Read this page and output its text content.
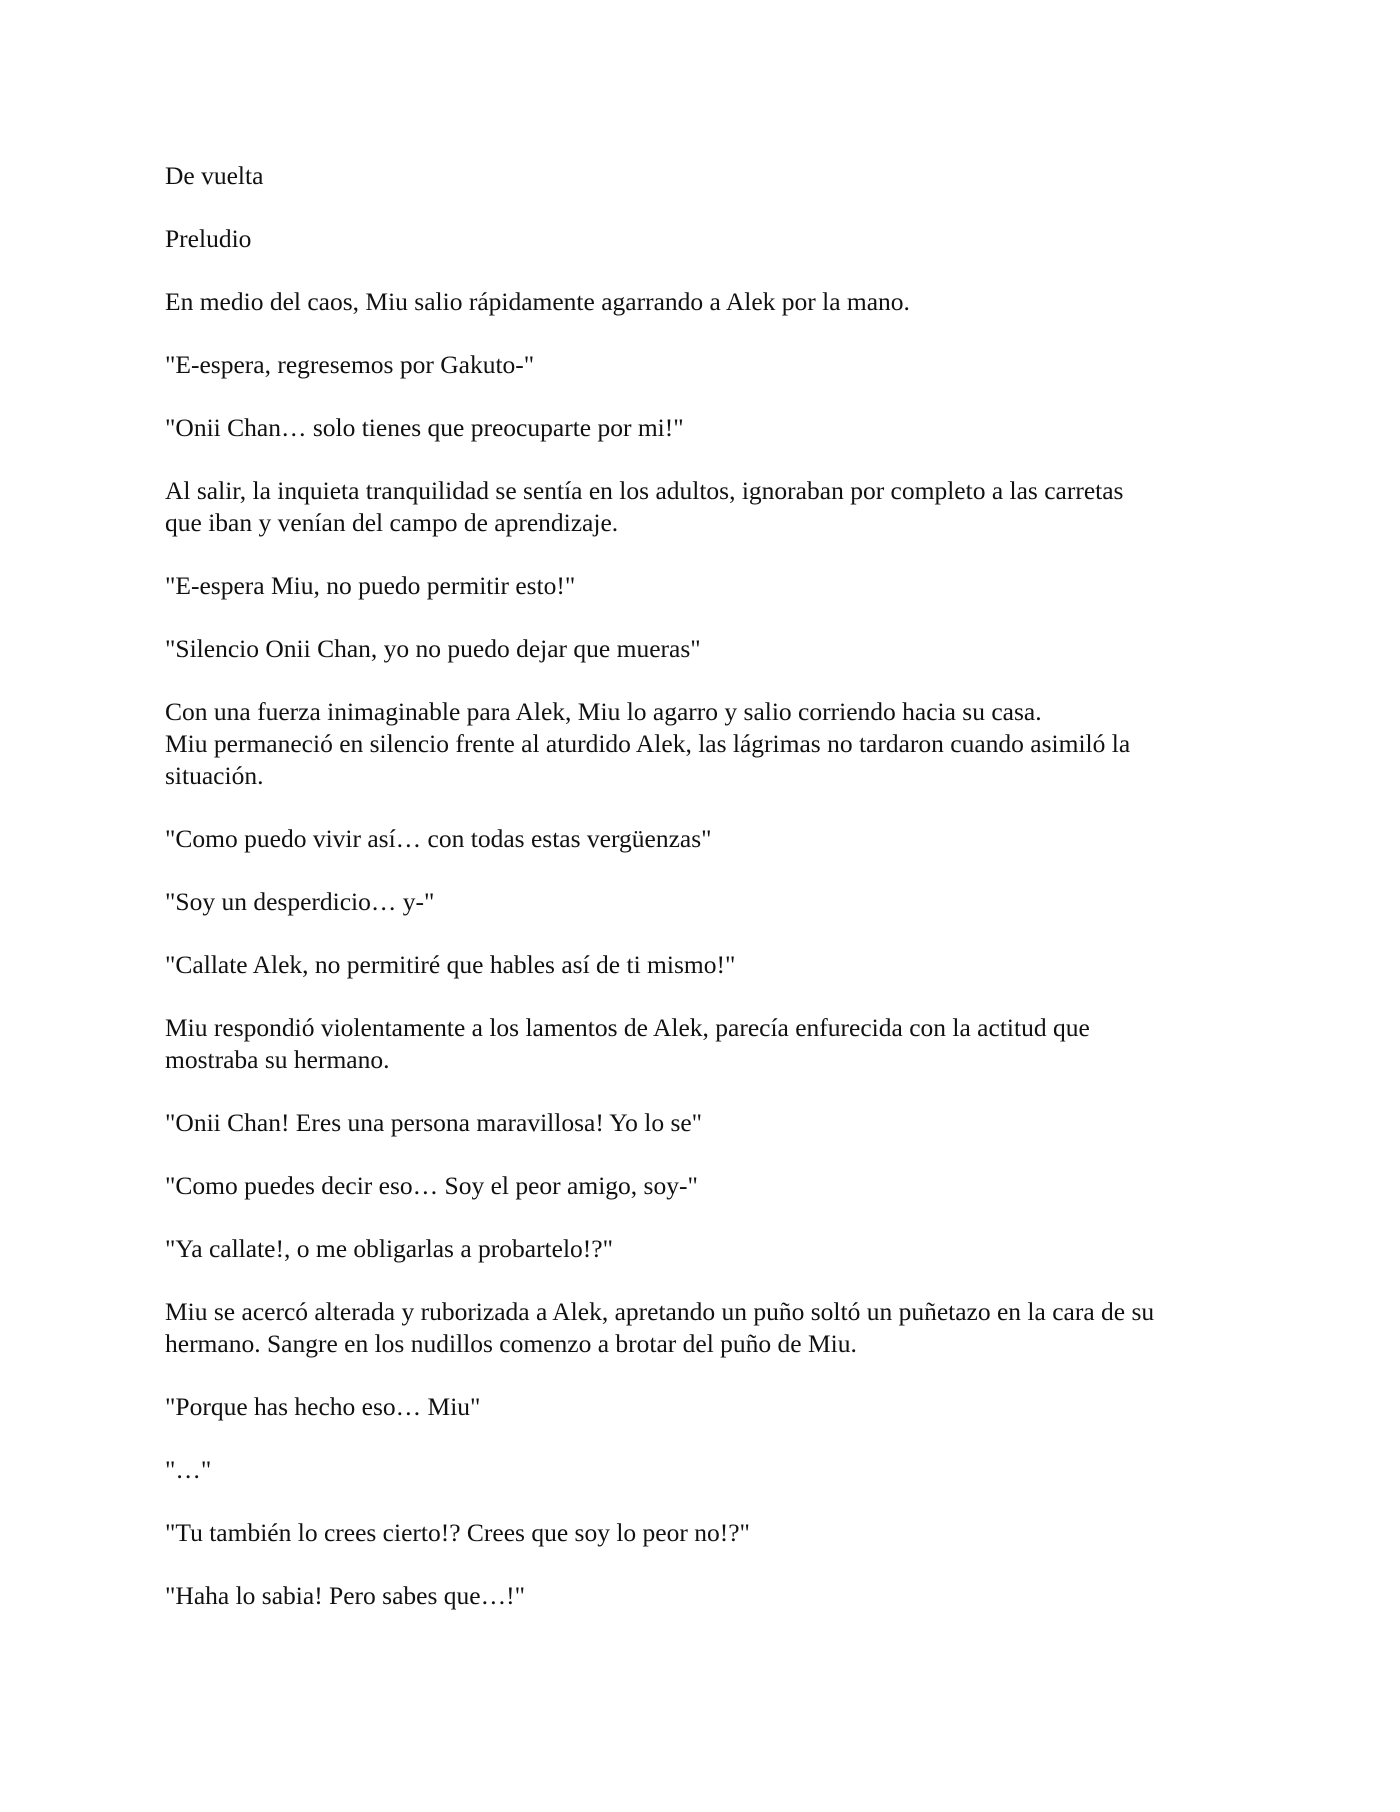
De vuelta

Preludio

En medio del caos, Miu salio rápidamente agarrando a Alek por la mano.

"E-espera, regresemos por Gakuto-"

"Onii Chan… solo tienes que preocuparte por mi!"

Al salir, la inquieta tranquilidad se sentía en los adultos, ignoraban por completo a las carretas
que iban y venían del campo de aprendizaje.

"E-espera Miu, no puedo permitir esto!"

"Silencio Onii Chan, yo no puedo dejar que mueras"

Con una fuerza inimaginable para Alek, Miu lo agarro y salio corriendo hacia su casa.

Miu permaneció en silencio frente al aturdido Alek, las lágrimas no tardaron cuando asimiló la
situación.

"Como puedo vivir así… con todas estas vergüenzas"

"Soy un desperdicio… y-"

"Callate Alek, no permitiré que hables así de ti mismo!"

Miu respondió violentamente a los lamentos de Alek, parecía enfurecida con la actitud que
mostraba su hermano.

"Onii Chan! Eres una persona maravillosa! Yo lo se"

"Como puedes decir eso… Soy el peor amigo, soy-"

"Ya callate!, o me obligarlas a probartelo!?"

Miu se acercó alterada y ruborizada a Alek, apretando un puño soltó un puñetazo en la cara de su
hermano. Sangre en los nudillos comenzo a brotar del puño de Miu.

"Porque has hecho eso… Miu"

"…"

"Tu también lo crees cierto!? Crees que soy lo peor no!?"

"Haha lo sabia! Pero sabes que…!"
